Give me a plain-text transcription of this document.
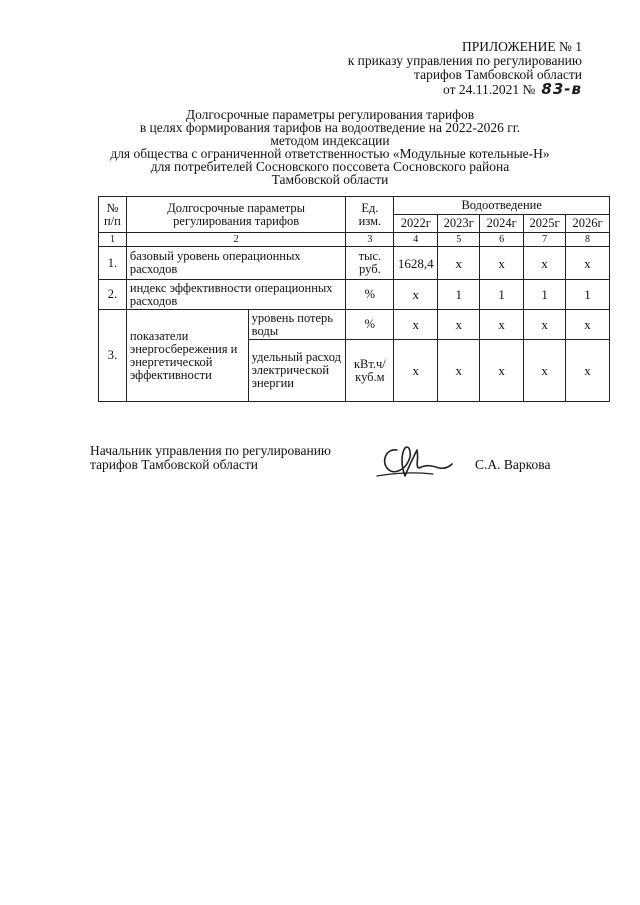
ПРИЛОЖЕНИЕ № 1
к приказу управления по регулированию
тарифов Тамбовской области
от 24.11.2021 № 83-в
Долгосрочные параметры регулирования тарифов
в целях формирования тарифов на водоотведение на 2022-2026 гг.
методом индексации
для общества с ограниченной ответственностью «Модульные котельные-Н»
для потребителей Сосновского поссовета Сосновского района
Тамбовской области
№ п/п	Долгосрочные параметры регулирования тарифов		Ед. изм.	Водоотведение				
				2022г	2023г	2024г	2025г	2026г
1	2		3	4	5	6	7	8
1.	базовый уровень операционных расходов		тыс. руб.	1628,4	х	х	х	х
2.	индекс эффективности операционных расходов		%	х	1	1	1	1
3.	показатели энергосбережения и энергетической эффективности	уровень потерь воды	%	х	х	х	х	х
		удельный расход электрической энергии	кВт.ч/куб.м	х	х	х	х	х
Начальник управления по регулированию
тарифов Тамбовской области	С.А. Варкова
